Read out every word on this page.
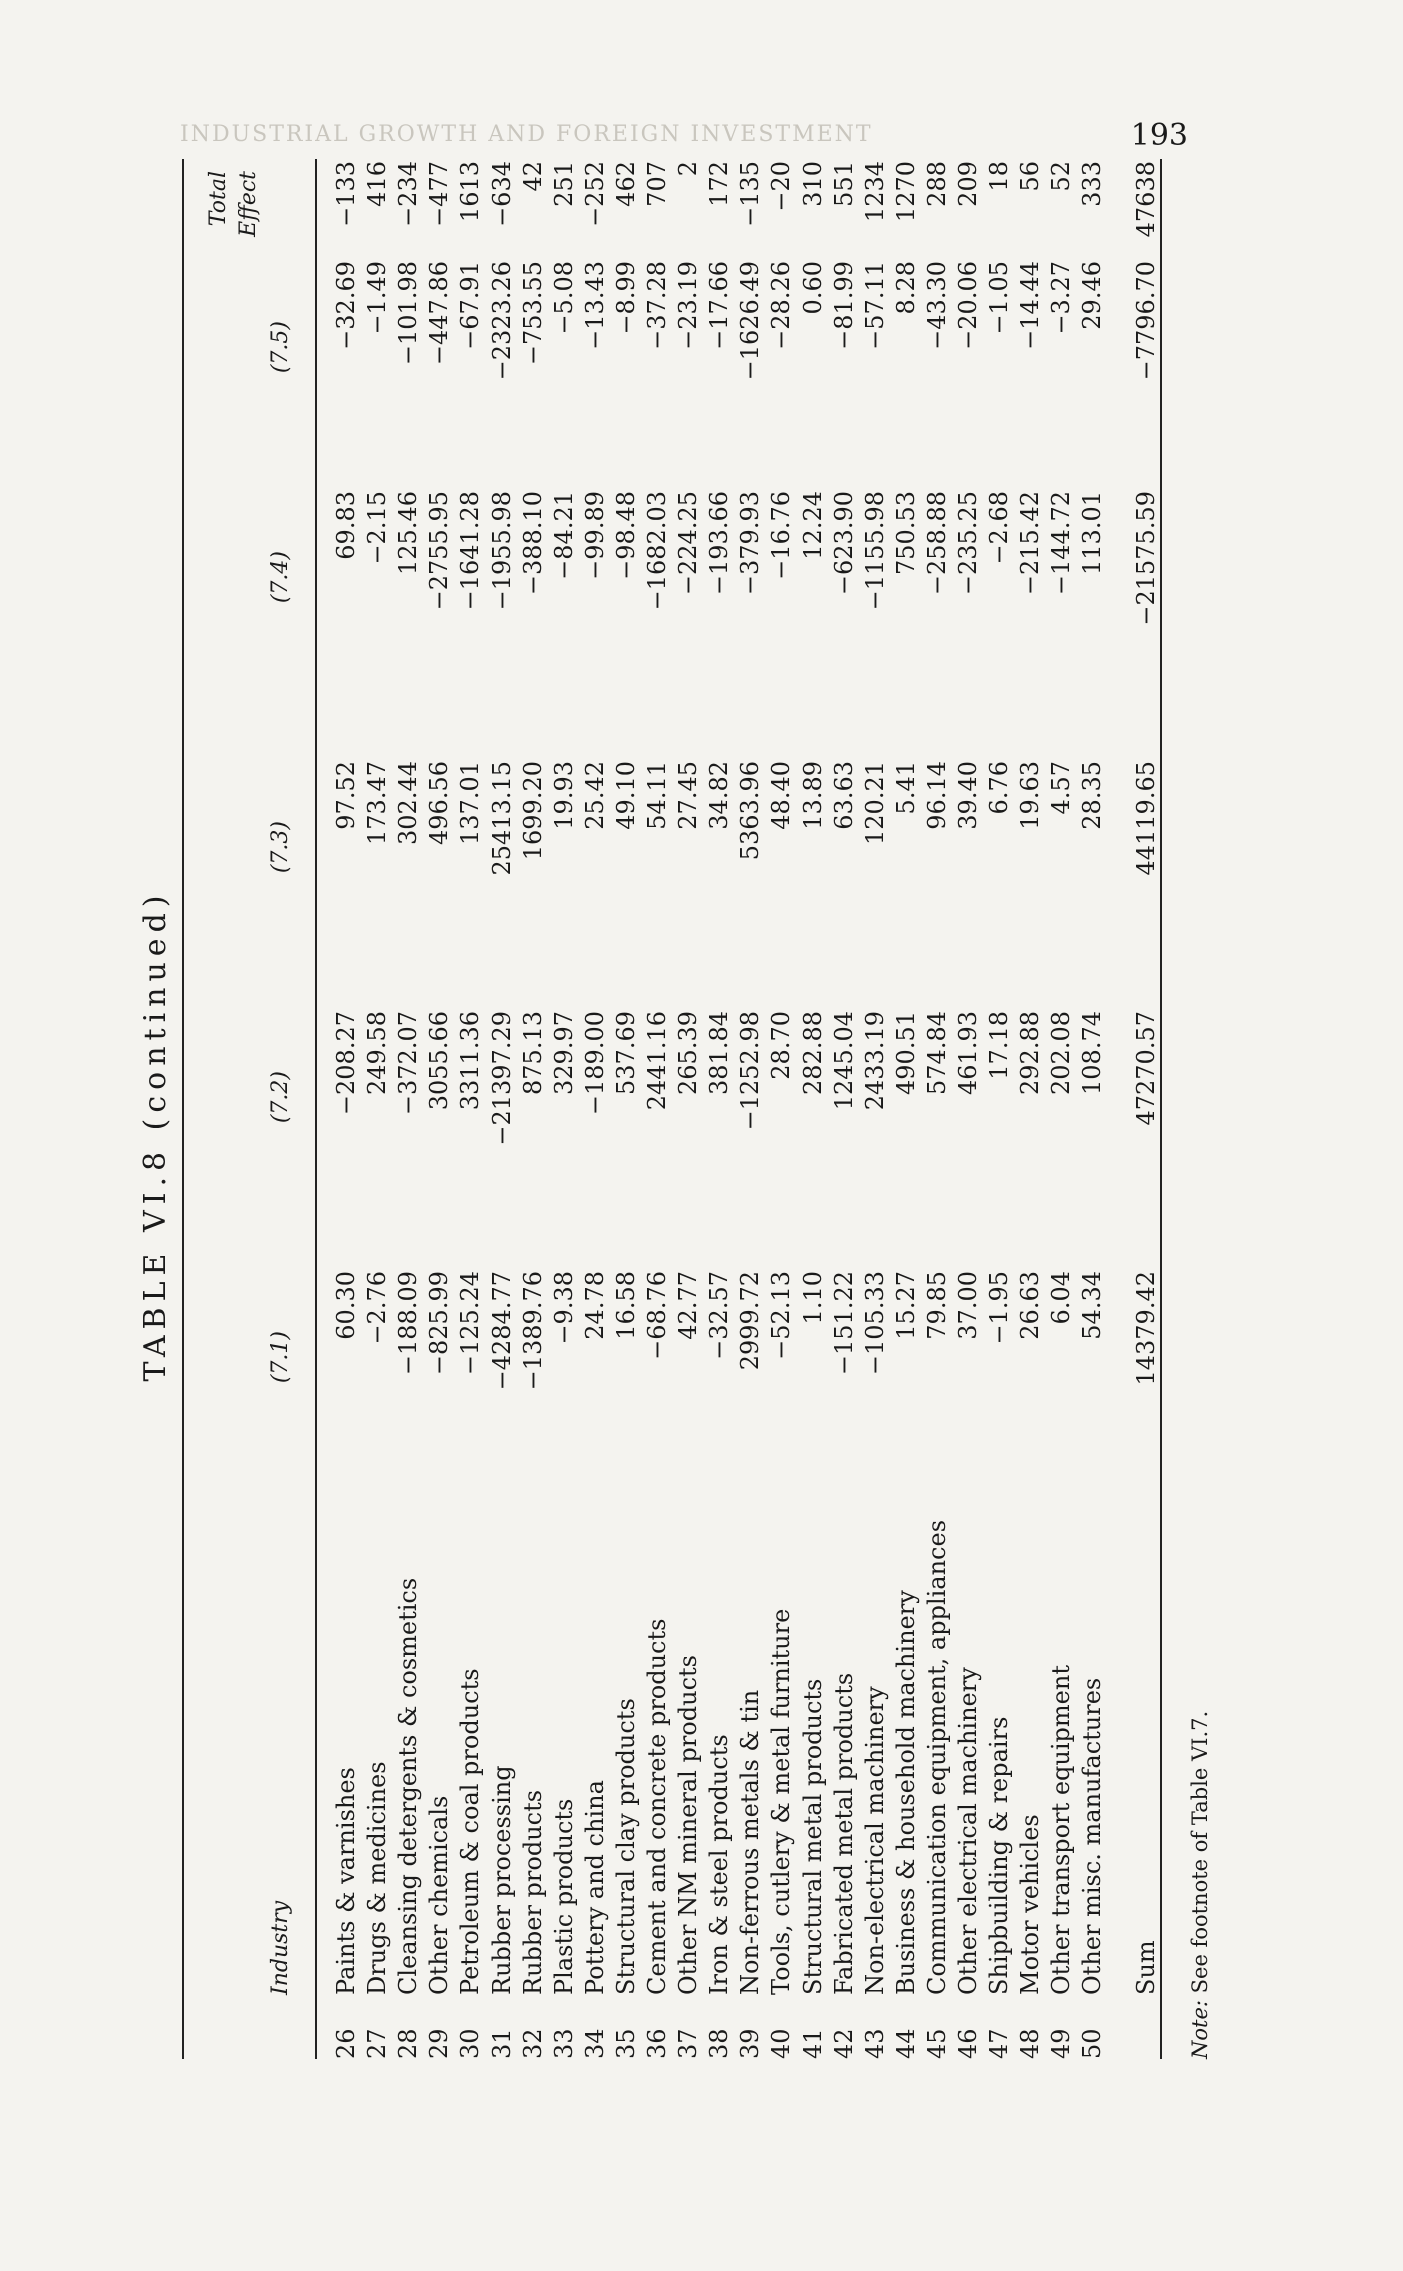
INDUSTRIAL GROWTH AND FOREIGN INVESTMENT	193
TABLE VI.8 (continued)
Industry
(7.1)
(7.2)
(7.3)
(7.4)
(7.5)
Total Effect
26
Paints & varnishes
60.30
−208.27
97.52
69.83
−32.69
−133
27
Drugs & medicines
−2.76
249.58
173.47
−2.15
−1.49
416
28
Cleansing detergents & cosmetics
−188.09
−372.07
302.44
125.46
−101.98
−234
29
Other chemicals
−825.99
3055.66
496.56
−2755.95
−447.86
−477
30
Petroleum & coal products
−125.24
3311.36
137.01
−1641.28
−67.91
1613
31
Rubber processing
−4284.77
−21397.29
25413.15
−1955.98
−2323.26
−634
32
Rubber products
−1389.76
875.13
1699.20
−388.10
−753.55
42
33
Plastic products
−9.38
329.97
19.93
−84.21
−5.08
251
34
Pottery and china
24.78
−189.00
25.42
−99.89
−13.43
−252
35
Structural clay products
16.58
537.69
49.10
−98.48
−8.99
462
36
Cement and concrete products
−68.76
2441.16
54.11
−1682.03
−37.28
707
37
Other NM mineral products
42.77
265.39
27.45
−224.25
−23.19
2
38
Iron & steel products
−32.57
381.84
34.82
−193.66
−17.66
172
39
Non-ferrous metals & tin
2999.72
−1252.98
5363.96
−379.93
−1626.49
−135
40
Tools, cutlery & metal furniture
−52.13
28.70
48.40
−16.76
−28.26
−20
41
Structural metal products
1.10
282.88
13.89
12.24
0.60
310
42
Fabricated metal products
−151.22
1245.04
63.63
−623.90
−81.99
551
43
Non-electrical machinery
−105.33
2433.19
120.21
−1155.98
−57.11
1234
44
Business & household machinery
15.27
490.51
5.41
750.53
8.28
1270
45
Communication equipment, appliances
79.85
574.84
96.14
−258.88
−43.30
288
46
Other electrical machinery
37.00
461.93
39.40
−235.25
−20.06
209
47
Shipbuilding & repairs
−1.95
17.18
6.76
−2.68
−1.05
18
48
Motor vehicles
26.63
292.88
19.63
−215.42
−14.44
56
49
Other transport equipment
6.04
202.08
4.57
−144.72
−3.27
52
50
Other misc. manufactures
54.34
108.74
28.35
113.01
29.46
333
Sum
14379.42
47270.57
44119.65
−21575.59
−7796.70
47638
Note: See footnote of Table VI.7.
